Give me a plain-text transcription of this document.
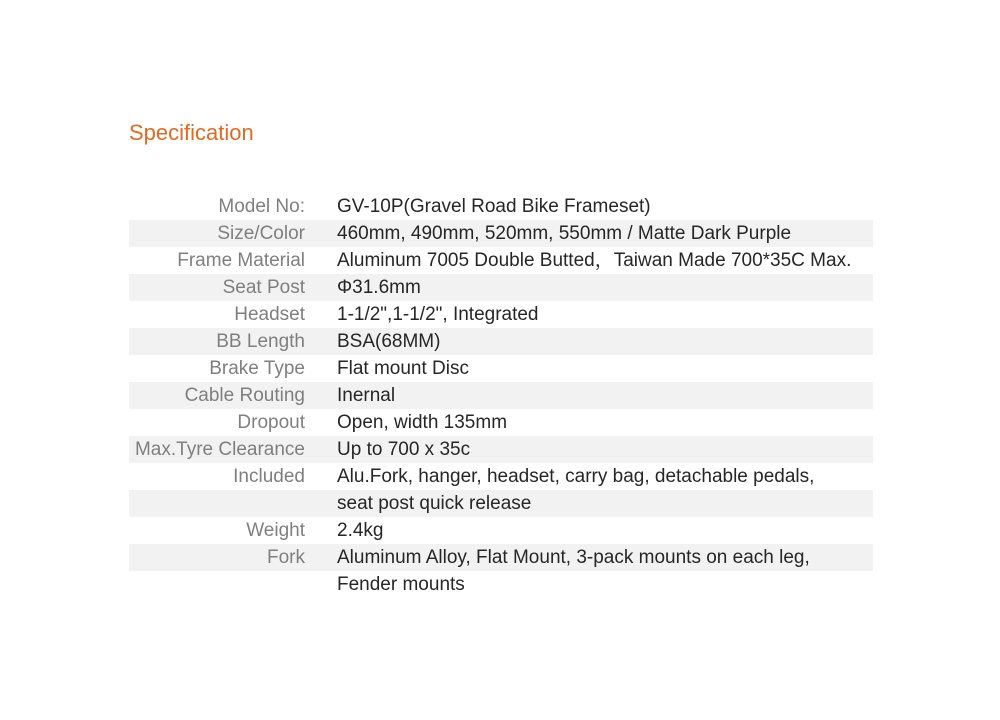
Specification
Model No:		GV-10P(Gravel Road Bike Frameset)
Size/Color		460mm, 490mm, 520mm, 550mm / Matte Dark Purple
Frame Material		Aluminum 7005 Double Butted，Taiwan Made 700*35C Max.
Seat Post		Φ31.6mm
Headset		1-1/2",1-1/2", Integrated
BB Length		BSA(68MM)
Brake Type		Flat mount Disc
Cable Routing		Inernal
Dropout		Open, width 135mm
Max.Tyre Clearance		Up to 700 x 35c
Included		Alu.Fork, hanger, headset, carry bag, detachable pedals,
		seat post quick release
Weight		2.4kg
Fork		Aluminum Alloy, Flat Mount, 3-pack mounts on each leg,
		Fender mounts
